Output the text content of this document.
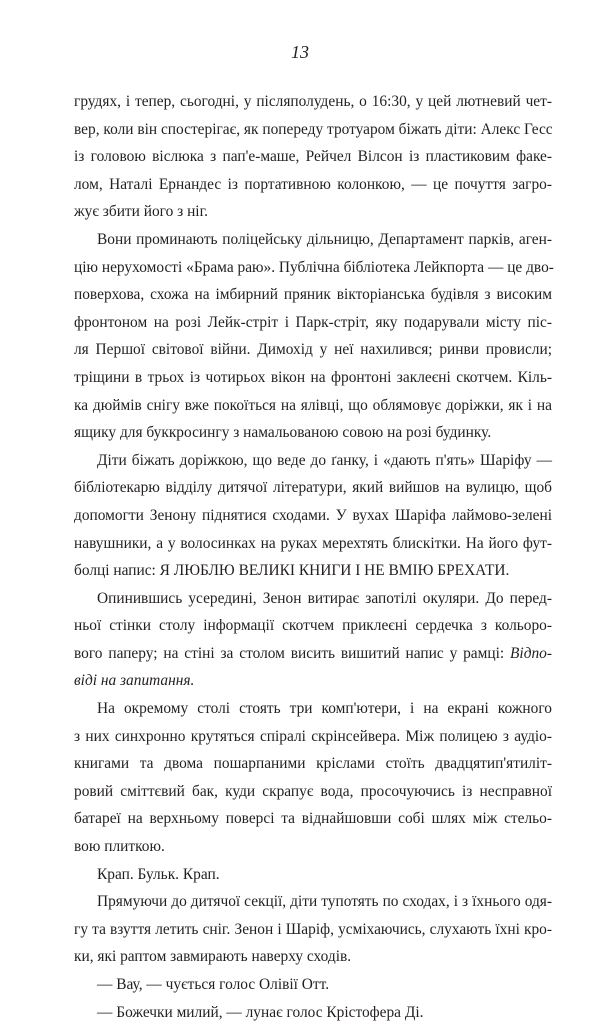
13
грудях, і тепер, сьогодні, у післяполудень, о 16:30, у цей лютневий чет-
вер, коли він спостерігає, як попереду тротуаром біжать діти: Алекс Гесс
із головою віслюка з пап'е-маше, Рейчел Вілсон із пластиковим факе-
лом, Наталі Ернандес із портативною колонкою, — це почуття загро-
жує збити його з ніг.
Вони проминають поліцейську дільницю, Департамент парків, аген-
цію нерухомості «Брама раю». Публічна бібліотека Лейкпорта — це дво-
поверхова, схожа на імбирний пряник вікторіанська будівля з високим
фронтоном на розі Лейк-стріт і Парк-стріт, яку подарували місту піс-
ля Першої світової війни. Димохід у неї нахилився; ринви провисли;
тріщини в трьох із чотирьох вікон на фронтоні заклеєні скотчем. Кіль-
ка дюймів снігу вже покоїться на ялівці, що облямовує доріжки, як і на
ящику для буккросингу з намальованою совою на розі будинку.
Діти біжать доріжкою, що веде до ґанку, і «дають п'ять» Шаріфу —
бібліотекарю відділу дитячої літератури, який вийшов на вулицю, щоб
допомогти Зенону піднятися сходами. У вухах Шаріфа лаймово-зелені
навушники, а у волосинках на руках мерехтять блискітки. На його фут-
болці напис: Я ЛЮБЛЮ ВЕЛИКІ КНИГИ І НЕ ВМІЮ БРЕХАТИ.
Опинившись усередині, Зенон витирає запотілі окуляри. До перед-
ньої стінки столу інформації скотчем приклеєні сердечка з кольоро-
вого паперу; на стіні за столом висить вишитий напис у рамці: Відпо-
віді на запитання.
На окремому столі стоять три комп'ютери, і на екрані кожного
з них синхронно крутяться спіралі скрінсейвера. Між полицею з аудіо-
книгами та двома пошарпаними кріслами стоїть двадцятип'ятиліт-
ровий сміттєвий бак, куди скрапує вода, просочуючись із несправної
батареї на верхньому поверсі та віднайшовши собі шлях між стельо-
вою плиткою.
Крап. Бульк. Крап.
Прямуючи до дитячої секції, діти тупотять по сходах, і з їхнього одя-
гу та взуття летить сніг. Зенон і Шаріф, усміхаючись, слухають їхні кро-
ки, які раптом завмирають наверху сходів.
— Вау, — чується голос Олівії Отт.
— Божечки милий, — лунає голос Крістофера Ді.
